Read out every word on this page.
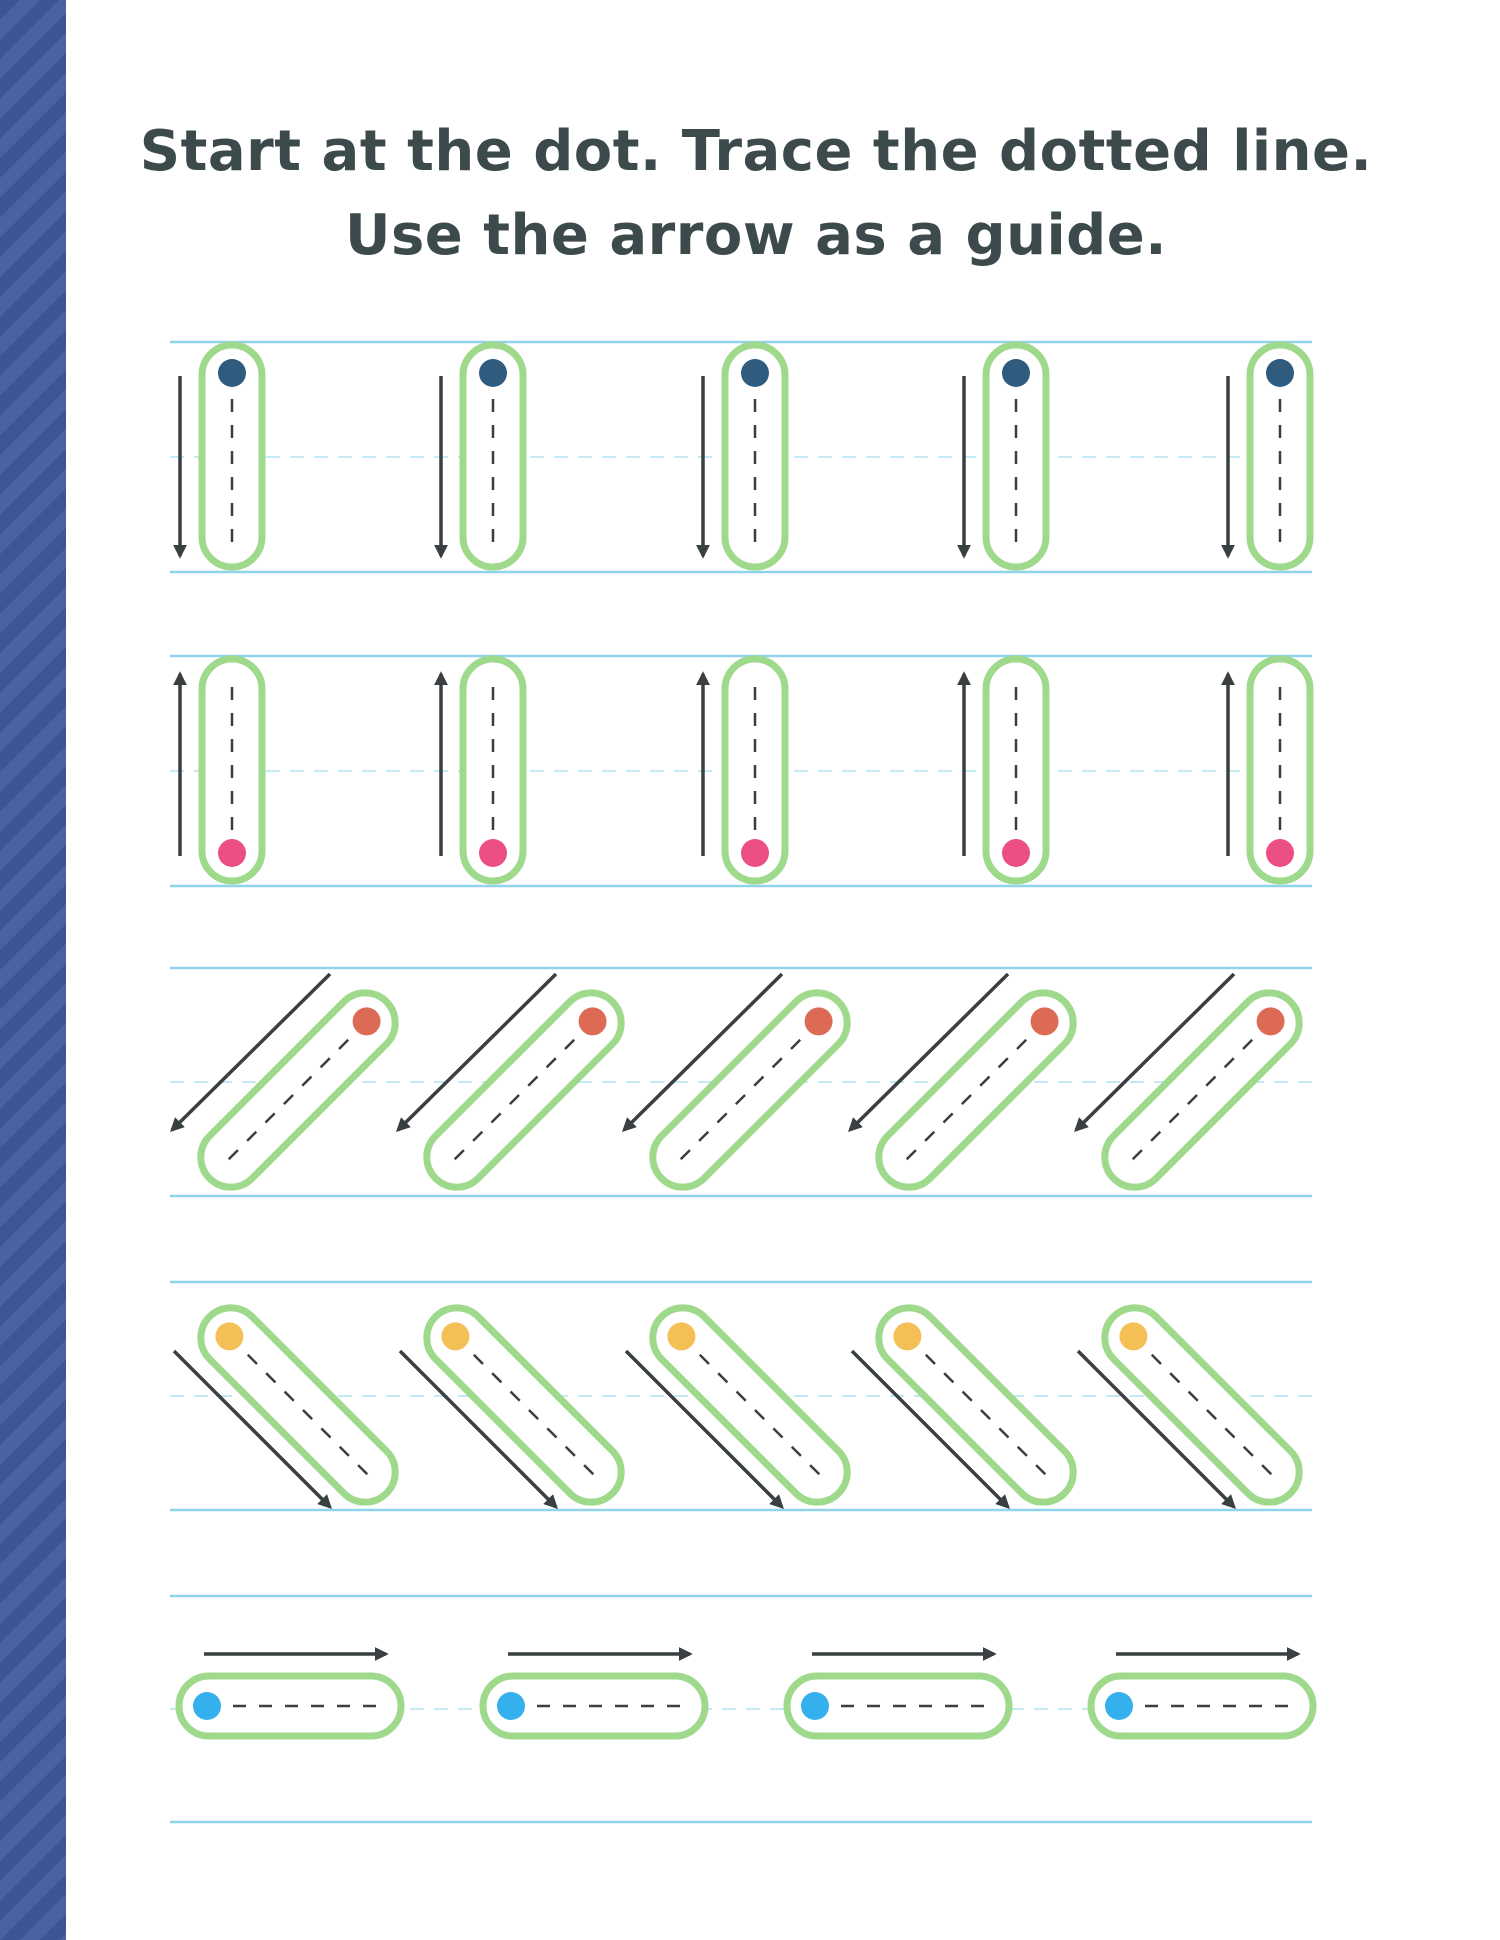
Start at the dot. Trace the dotted line.
Use the arrow as a guide.
